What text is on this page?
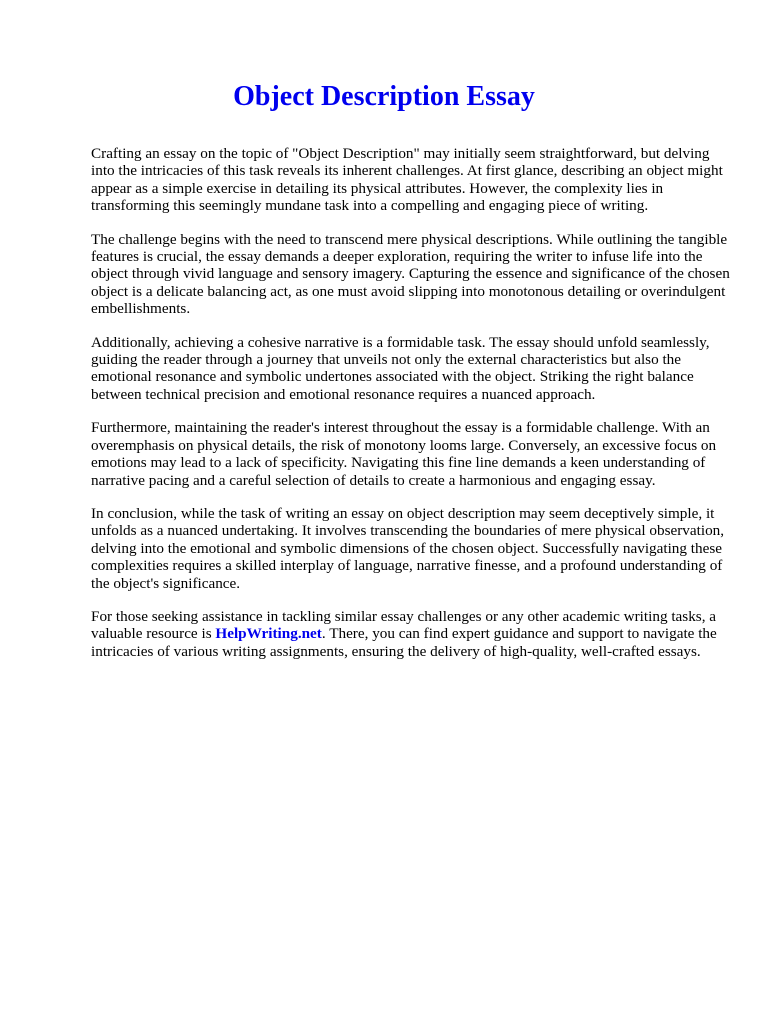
Object Description Essay

Crafting an essay on the topic of "Object Description" may initially seem straightforward, but delving into the intricacies of this task reveals its inherent challenges. At first glance, describing an object might appear as a simple exercise in detailing its physical attributes. However, the complexity lies in transforming this seemingly mundane task into a compelling and engaging piece of writing.

The challenge begins with the need to transcend mere physical descriptions. While outlining the tangible features is crucial, the essay demands a deeper exploration, requiring the writer to infuse life into the object through vivid language and sensory imagery. Capturing the essence and significance of the chosen object is a delicate balancing act, as one must avoid slipping into monotonous detailing or overindulgent embellishments.

Additionally, achieving a cohesive narrative is a formidable task. The essay should unfold seamlessly, guiding the reader through a journey that unveils not only the external characteristics but also the emotional resonance and symbolic undertones associated with the object. Striking the right balance between technical precision and emotional resonance requires a nuanced approach.

Furthermore, maintaining the reader's interest throughout the essay is a formidable challenge. With an overemphasis on physical details, the risk of monotony looms large. Conversely, an excessive focus on emotions may lead to a lack of specificity. Navigating this fine line demands a keen understanding of narrative pacing and a careful selection of details to create a harmonious and engaging essay.

In conclusion, while the task of writing an essay on object description may seem deceptively simple, it unfolds as a nuanced undertaking. It involves transcending the boundaries of mere physical observation, delving into the emotional and symbolic dimensions of the chosen object. Successfully navigating these complexities requires a skilled interplay of language, narrative finesse, and a profound understanding of the object's significance.

For those seeking assistance in tackling similar essay challenges or any other academic writing tasks, a valuable resource is HelpWriting.net. There, you can find expert guidance and support to navigate the intricacies of various writing assignments, ensuring the delivery of high-quality, well-crafted essays.
